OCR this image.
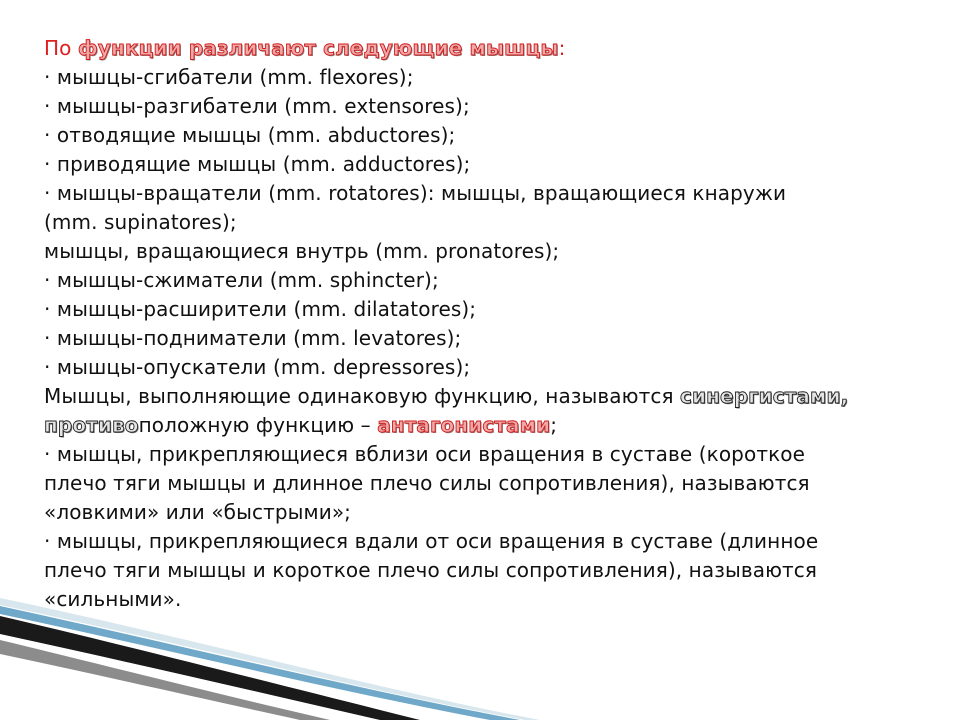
По функции различают следующие мышцы:
· мышцы-сгибатели (mm. flexores);
· мышцы-разгибатели (mm. extensores);
· отводящие мышцы (mm. abductores);
· приводящие мышцы (mm. adductores);
· мышцы-вращатели (mm. rotatores): мышцы, вращающиеся кнаружи
(mm. supinatores);
мышцы, вращающиеся внутрь (mm. pronatores);
· мышцы-сжиматели (mm. sphincter);
· мышцы-расширители (mm. dilatatores);
· мышцы-подниматели (mm. levatores);
· мышцы-опускатели (mm. depressores);
Мышцы, выполняющие одинаковую функцию, называются синергистами,
противоположную функцию – антагонистами;
· мышцы, прикрепляющиеся вблизи оси вращения в суставе (короткое
плечо тяги мышцы и длинное плечо силы сопротивления), называются
«ловкими» или «быстрыми»;
· мышцы, прикрепляющиеся вдали от оси вращения в суставе (длинное
плечо тяги мышцы и короткое плечо силы сопротивления), называются
«сильными».
